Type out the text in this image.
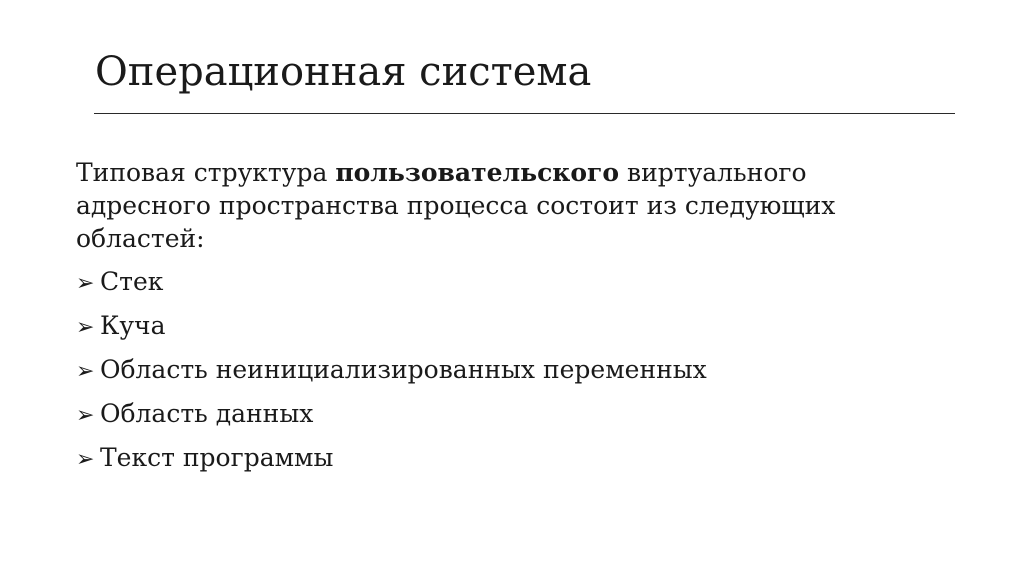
Операционная система

Типовая структура пользовательского виртуального адресного пространства процесса состоит из следующих областей:

➢ Стек
➢ Куча
➢ Область неинициализированных переменных
➢ Область данных
➢ Текст программы
